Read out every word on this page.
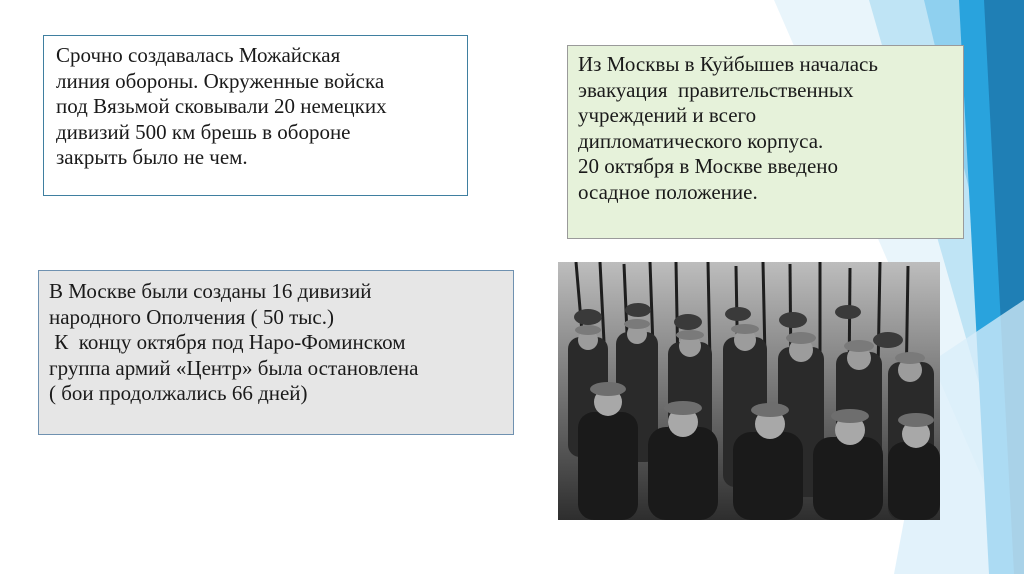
Срочно создавалась Можайская

линия обороны. Окруженные войска

под Вязьмой сковывали 20 немецких

дивизий 500 км брешь в обороне

закрыть было не чем.

Из Москвы в Куйбышев началась

эвакуация  правительственных

учреждений и всего

дипломатического корпуса.

20 октября в Москве введено

осадное положение.

В Москве были созданы 16 дивизий

народного Ополчения ( 50 тыс.)

К  концу октября под Наро-Фоминском

группа армий «Центр» была остановлена

( бои продолжались 66 дней)
